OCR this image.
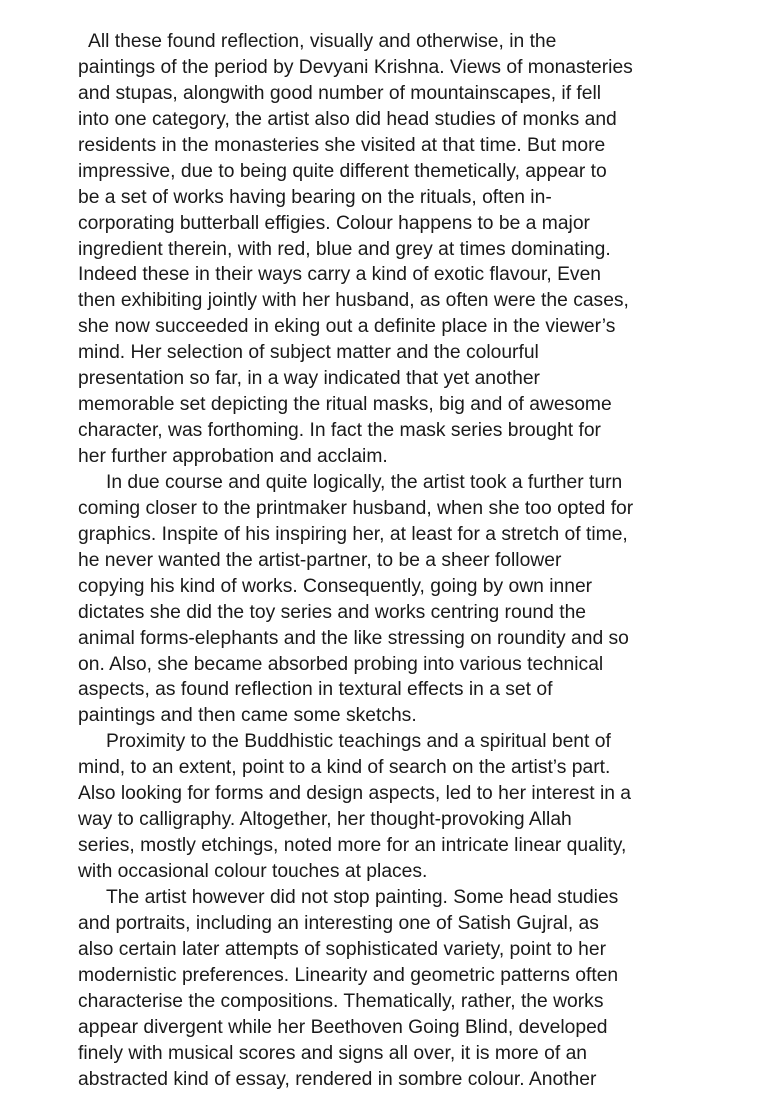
All these found reflection, visually and otherwise, in the
paintings of the period by Devyani Krishna. Views of monasteries
and stupas, alongwith good number of mountainscapes, if fell
into one category, the artist also did head studies of monks and
residents in the monasteries she visited at that time. But more
impressive, due to being quite different themetically, appear to
be a set of works having bearing on the rituals, often in-
corporating butterball effigies. Colour happens to be a major
ingredient therein, with red, blue and grey at times dominating.
Indeed these in their ways carry a kind of exotic flavour, Even
then exhibiting jointly with her husband, as often were the cases,
she now succeeded in eking out a definite place in the viewer’s
mind. Her selection of subject matter and the colourful
presentation so far, in a way indicated that yet another
memorable set depicting the ritual masks, big and of awesome
character, was forthoming. In fact the mask series brought for
her further approbation and acclaim.
In due course and quite logically, the artist took a further turn
coming closer to the printmaker husband, when she too opted for
graphics. Inspite of his inspiring her, at least for a stretch of time,
he never wanted the artist-partner, to be a sheer follower
copying his kind of works. Consequently, going by own inner
dictates she did the toy series and works centring round the
animal forms-elephants and the like stressing on roundity and so
on. Also, she became absorbed probing into various technical
aspects, as found reflection in textural effects in a set of
paintings and then came some sketchs.
Proximity to the Buddhistic teachings and a spiritual bent of
mind, to an extent, point to a kind of search on the artist’s part.
Also looking for forms and design aspects, led to her interest in a
way to calligraphy. Altogether, her thought-provoking Allah
series, mostly etchings, noted more for an intricate linear quality,
with occasional colour touches at places.
The artist however did not stop painting. Some head studies
and portraits, including an interesting one of Satish Gujral, as
also certain later attempts of sophisticated variety, point to her
modernistic preferences. Linearity and geometric patterns often
characterise the compositions. Thematically, rather, the works
appear divergent while her Beethoven Going Blind, developed
finely with musical scores and signs all over, it is more of an
abstracted kind of essay, rendered in sombre colour. Another
